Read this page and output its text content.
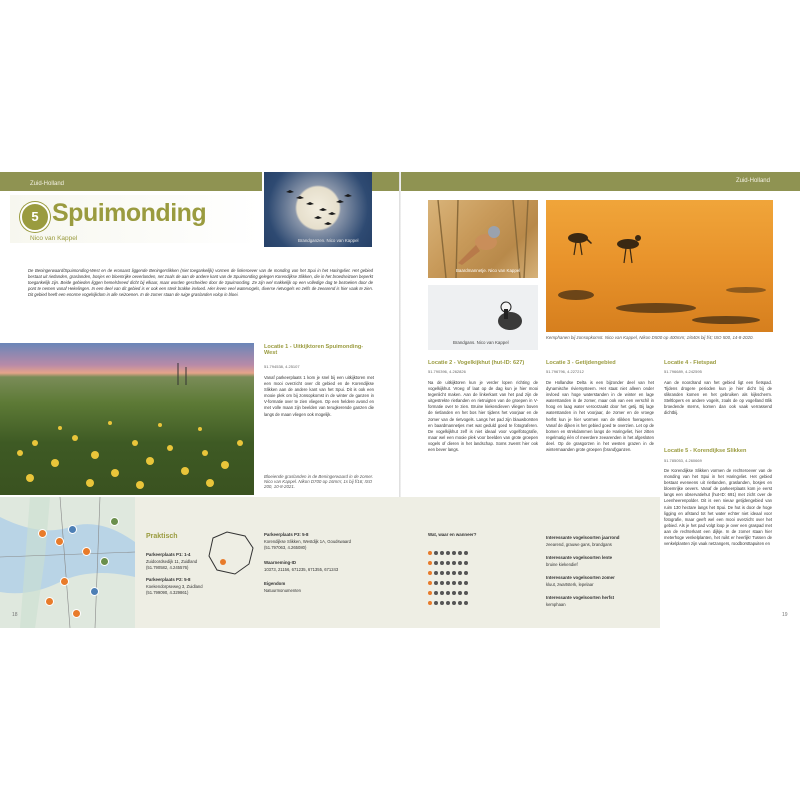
Zuid-Holland	Zuid-Holland
Brandganzen. Nico van Kappel
5 Spuimonding
Nico van Kappel
De Beningerwaard/Spuimonding-West en de eronaast liggende Beningerslikken (niet toegankelijk) vormen de linkeroever van de monding van het Spui in het Haringvliet. Het gebied bestaat uit rietlanden, graslanden, bosjes en bloemrijke oeverlanden, net zoals de aan de andere kant van de Spuimonding gelegen Korendijkse Slikken, die in het broedseizoen beperkt toegankelijk zijn. Beide gebieden liggen hemelsbreed dicht bij elkaar, maar worden gescheiden door de Spuimonding. Ze zijn wel makkelijk op een volledige dag te bezoeken door de pont te nemen vanaf Hekelingen. In een deel van dit gebied is er ook een sterk brakke invloed. Hier leven veel watervogels, diverse rietvogels en zelfs de zeearend is hier vaak te zien. Dit gebied heeft een enorme vogelrijkdom in alle seizoenen. In de zomer staan de ruige graslanden volop in bloei.
Locatie 1 - Uitkijktoren Spuimonding-West
51.794538, 4.25107
Vanaf parkeerplaats 1 kom je snel bij een uitkijktoren met een mooi overzicht over dit gebied en de Korendijkse Slikken aan de andere kant van het Spui. Dit is ook een mooie plek om bij zonsopkomst in de winter de ganzen in V-formatie over te zien vliegen. Op een heldere avond en met volle maan zijn beelden van terugkerende ganzen die langs de maan vliegen ook mogelijk.
Bloeiende graslanden in de Beningerwaard in de zomer. Nico van Kappel. Nikon D700 op 16mm; 1s bij f/16; ISO 200, 10-8-2021.
Baardmannetje. Nico van Kappel
Brandgans. Nico van Kappel
Kemphanen bij zonsopkomst. Nico van Kappel, Nikon D500 op 400mm; 1/640s bij f/4; ISO 500, 14-8-2020.
Locatie 2 - Vogelkijkhut (hut-ID: 627)
51.790396, 4.262826
Na de uitkijktoren kun je verder lopen richting de vogelkijkhut. Vroeg of laat op de dag kun je hier mooi tegenlicht maken. Aan de linkerkant van het pad zijn de uitgestrekte rietlanden en rietruigten van de groepen in V-formatie over te zien. Bruine kiekendieven vliegen boven de rietlanden en het bos hier tijdens het voorjaar en de zomer van de rietvogels. Langs het pad zijn blauwborsten en baardmannetjes met wat geduld goed te fotograferen. De vogelkijkhut zelf is niet ideaal voor vogelfotografie, maar wel een mooie plek voor beelden van grote groepen vogels of dieren in het landschap. Soms zwemt hier ook een bever langs.
Locatie 3 - Getijdengebied
51.796796, 4.227212
De Hollandse Delta is een bijzonder deel van het dynamische riviersysteem. Het staat niet alleen onder invloed van hoge waterstanden in de winter en lage waterstanden in de zomer, maar ook van een verschil in hoog en laag water veroorzaakt door het getij. Bij lage waterstanden in het voorjaar, de zomer en de vroege herfst kun je hier wormen van de slikken foerageren. Vanaf de dijken is het gebied goed te overzien. Let op de bomen en strekdammen langs de Haringvliet, hier zitten regelmatig één of meerdere zeearenden in het afgesloten deel. Op de grasgorzen in het westen grazen in de wintermaanden grote groepen (brand)ganzen.
Locatie 4 - Fietspad
51.796689, 4.242595
Aan de noordrand van het gebied ligt een fietspad. Tijdens drogere perioden kun je hier dicht bij de slikranden komen en het gebruiken als kijkscherm. Steltlopers en andere vogels, zoals de op vogelland Blik broedende sterns, komen dan ook vaak verrassend dichtbij.
Locatie 5 - Korendijkse Slikken
51.785053, 4.260669
De Korendijkse Slikken vormen de rechteroever van de monding van het Spui in het Haringvliet. Het gebied bestaat eveneens uit rietlanden, graslanden, bosjes en bloemrijke oevers. Vanaf de parkeerplaats kom je eerst langs een observatiehut (hut-ID: 691) met zicht over de Leenheerenpolder. Dit is een nieuw getijdengebied van ruim 130 hectare langs het Spui. De hut is door de hoge ligging en afstand tot het water echter niet ideaal voor fotografie, maar geeft wel een mooi overzicht over het gebied. Als je het pad volgt loop je over een graspad met aan de rechterkant een dijkje. In de zomer staan hier meterhoge venkelplanten, het ruikt er heerlijk! Tussen de venkelplanten zijn vaak netzangers, roodborsttapuiten en
Praktisch
Parkeerplaats P1: 1-4
Zuidoordsedijk 11, Zuidland
(51.790582, 4.245576)
Parkeerplaats P2: 5-8
Koekendorpseweg 3, Zuidland
(51.799090, 4.329861)
Parkeerplaats P3: 5-8
Korendijkse Slikken, Westdijk 1A, Goudswaard
(51.797063, 4.265080)
Waarneming-ID
10373, 21156, 671235, 671355, 671243
Eigendom
Natuurmonumenten
Wat, waar en wanneer?
Interessante vogelsoorten jaarrond
zeearend, grauwe gans, brandgans
Interessante vogelsoorten lente
bruine kiekendief
Interessante vogelsoorten zomer
kluut, zwartsterk, lepelaar
Interessante vogelsoorten herfst
kemphaan
18	19
